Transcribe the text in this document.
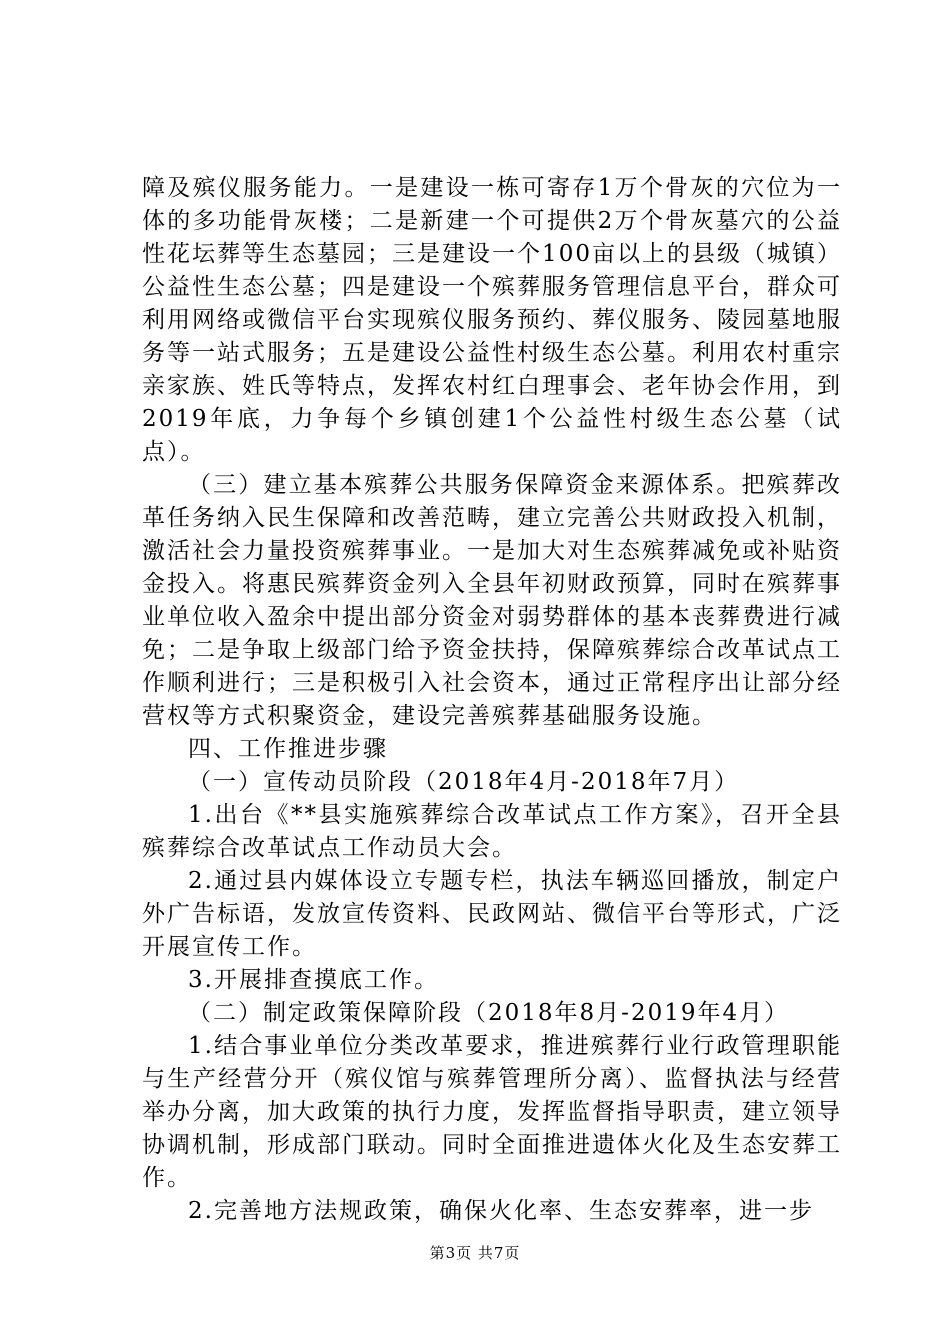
障及殡仪服务能力。一是建设一栋可寄存1万个骨灰的穴位为一体的多功能骨灰楼；二是新建一个可提供2万个骨灰墓穴的公益性花坛葬等生态墓园；三是建设一个100亩以上的县级（城镇）公益性生态公墓；四是建设一个殡葬服务管理信息平台，群众可利用网络或微信平台实现殡仪服务预约、葬仪服务、陵园墓地服务等一站式服务；五是建设公益性村级生态公墓。利用农村重宗亲家族、姓氏等特点，发挥农村红白理事会、老年协会作用，到2019年底，力争每个乡镇创建1个公益性村级生态公墓（试点）。

（三）建立基本殡葬公共服务保障资金来源体系。把殡葬改革任务纳入民生保障和改善范畴，建立完善公共财政投入机制，激活社会力量投资殡葬事业。一是加大对生态殡葬减免或补贴资金投入。将惠民殡葬资金列入全县年初财政预算，同时在殡葬事业单位收入盈余中提出部分资金对弱势群体的基本丧葬费进行减免；二是争取上级部门给予资金扶持，保障殡葬综合改革试点工作顺利进行；三是积极引入社会资本，通过正常程序出让部分经营权等方式积聚资金，建设完善殡葬基础服务设施。

四、工作推进步骤

（一）宣传动员阶段（2018年4月-2018年7月）

1.出台《**县实施殡葬综合改革试点工作方案》，召开全县殡葬综合改革试点工作动员大会。

2.通过县内媒体设立专题专栏，执法车辆巡回播放，制定户外广告标语，发放宣传资料、民政网站、微信平台等形式，广泛开展宣传工作。

3.开展排查摸底工作。

（二）制定政策保障阶段（2018年8月-2019年4月）

1.结合事业单位分类改革要求，推进殡葬行业行政管理职能与生产经营分开（殡仪馆与殡葬管理所分离）、监督执法与经营举办分离，加大政策的执行力度，发挥监督指导职责，建立领导协调机制，形成部门联动。同时全面推进遗体火化及生态安葬工作。

2.完善地方法规政策，确保火化率、生态安葬率，进一步

第3页 共7页
